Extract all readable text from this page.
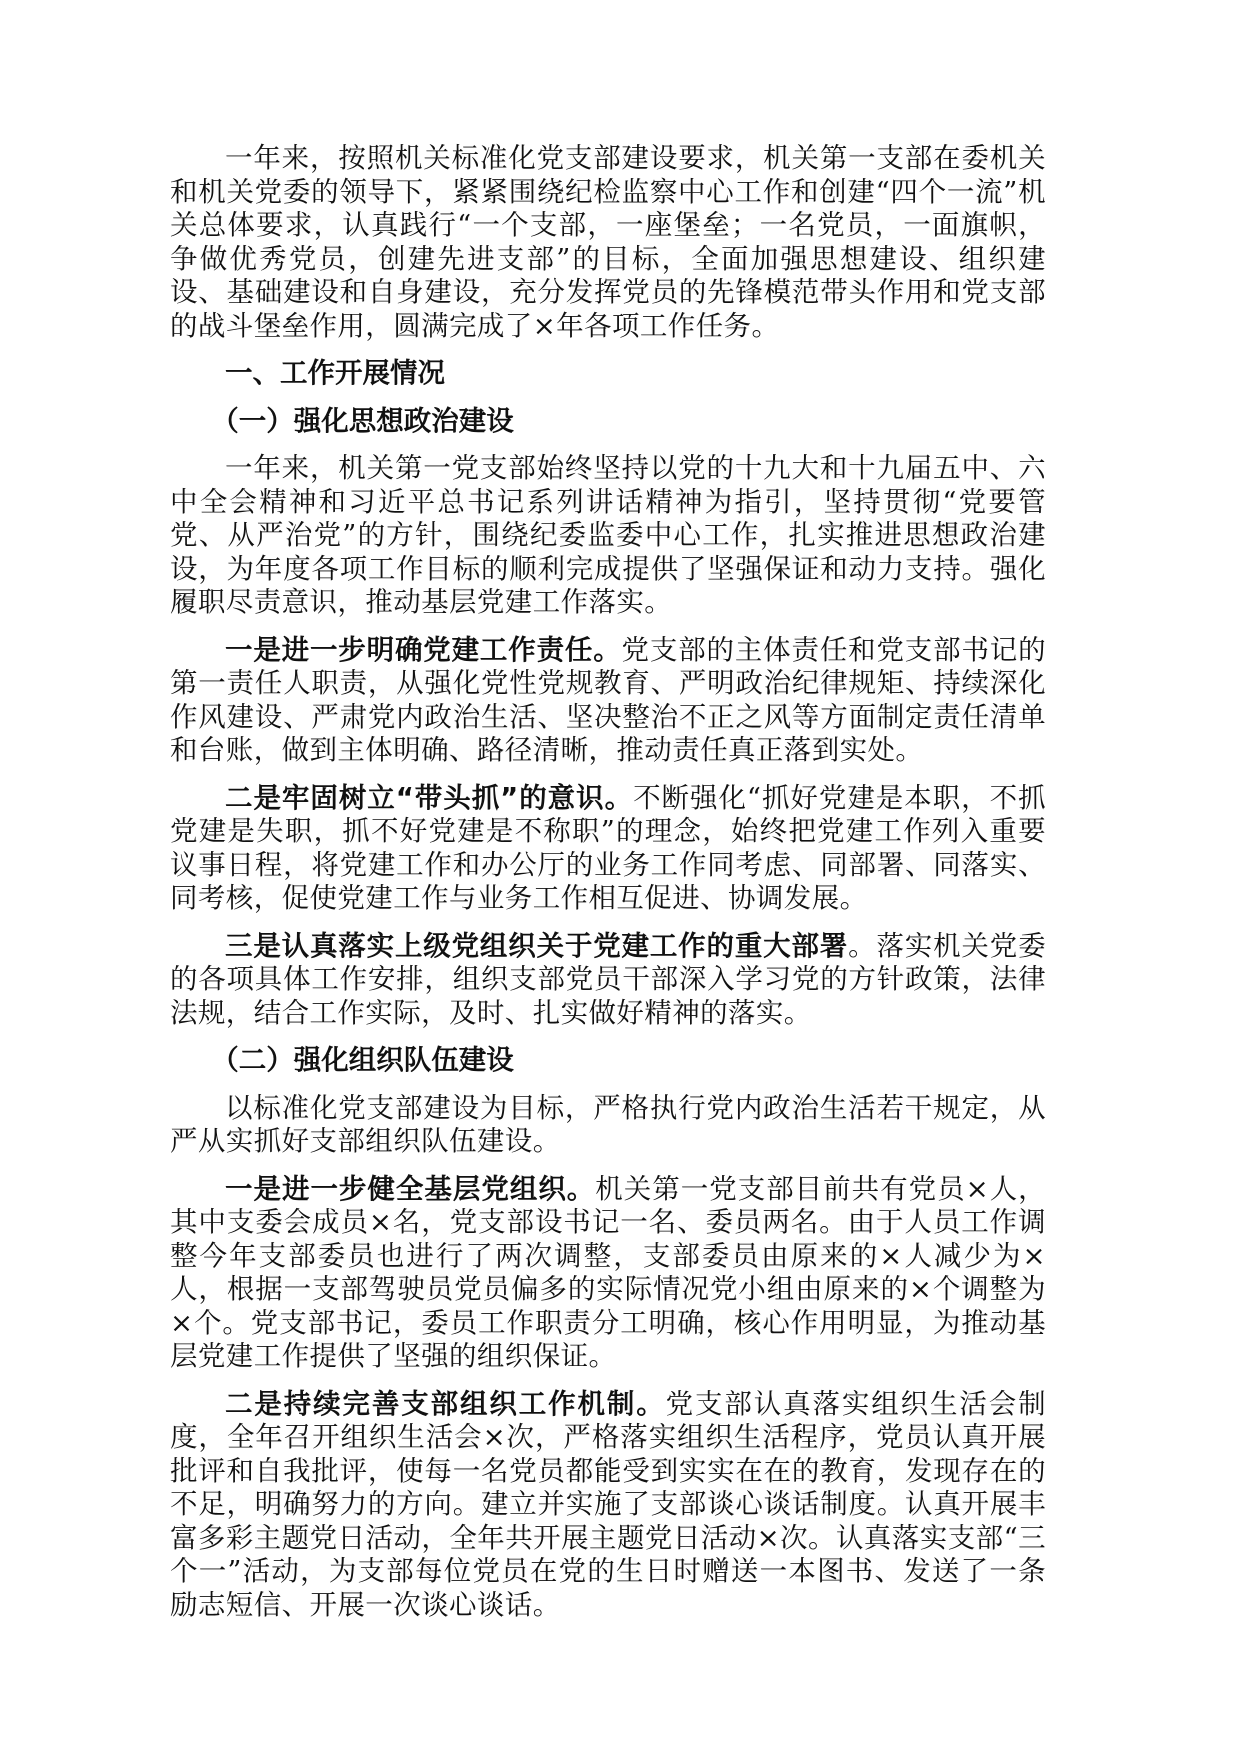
一年来，按照机关标准化党支部建设要求，机关第一支部在委机关和机关党委的领导下，紧紧围绕纪检监察中心工作和创建“四个一流”机关总体要求，认真践行“一个支部，一座堡垒；一名党员，一面旗帜，争做优秀党员，创建先进支部”的目标，全面加强思想建设、组织建设、基础建设和自身建设，充分发挥党员的先锋模范带头作用和党支部的战斗堡垒作用，圆满完成了×年各项工作任务。

一、工作开展情况
（一）强化思想政治建设

一年来，机关第一党支部始终坚持以党的十九大和十九届五中、六中全会精神和习近平总书记系列讲话精神为指引，坚持贯彻“党要管党、从严治党”的方针，围绕纪委监委中心工作，扎实推进思想政治建设，为年度各项工作目标的顺利完成提供了坚强保证和动力支持。强化履职尽责意识，推动基层党建工作落实。

一是进一步明确党建工作责任。党支部的主体责任和党支部书记的第一责任人职责，从强化党性党规教育、严明政治纪律规矩、持续深化作风建设、严肃党内政治生活、坚决整治不正之风等方面制定责任清单和台账，做到主体明确、路径清晰，推动责任真正落到实处。

二是牢固树立“带头抓”的意识。不断强化“抓好党建是本职，不抓党建是失职，抓不好党建是不称职”的理念，始终把党建工作列入重要议事日程，将党建工作和办公厅的业务工作同考虑、同部署、同落实、同考核，促使党建工作与业务工作相互促进、协调发展。

三是认真落实上级党组织关于党建工作的重大部署。落实机关党委的各项具体工作安排，组织支部党员干部深入学习党的方针政策，法律法规，结合工作实际，及时、扎实做好精神的落实。

（二）强化组织队伍建设

以标准化党支部建设为目标，严格执行党内政治生活若干规定，从严从实抓好支部组织队伍建设。

一是进一步健全基层党组织。机关第一党支部目前共有党员×人，其中支委会成员×名，党支部设书记一名、委员两名。由于人员工作调整今年支部委员也进行了两次调整，支部委员由原来的×人减少为×人，根据一支部驾驶员党员偏多的实际情况党小组由原来的×个调整为×个。党支部书记，委员工作职责分工明确，核心作用明显，为推动基层党建工作提供了坚强的组织保证。

二是持续完善支部组织工作机制。党支部认真落实组织生活会制度，全年召开组织生活会×次，严格落实组织生活程序，党员认真开展批评和自我批评，使每一名党员都能受到实实在在的教育，发现存在的不足，明确努力的方向。建立并实施了支部谈心谈话制度。认真开展丰富多彩主题党日活动，全年共开展主题党日活动×次。认真落实支部“三个一”活动，为支部每位党员在党的生日时赠送一本图书、发送了一条励志短信、开展一次谈心谈话。
